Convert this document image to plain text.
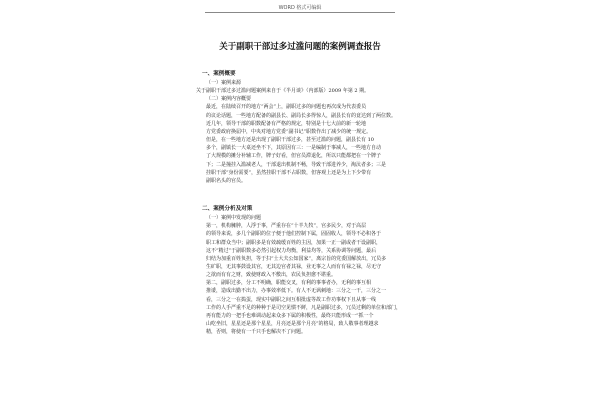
WORD 格式可编辑
关于副职干部过多过滥问题的案例调查报告
一、案例概要
（一）案例来源
关于副职干部过多过滥问题案例来自于《半月谈》（内部版）2009 年第 2 期。
（二）案例内容概要
最近，在陆续召开的地方“两会”上，副职过多的问题也再次成为代表委员
的议论话题，一些地方配备的副县长、副局长多得惊人，副县长有的竟达到了两位数。
近几年，领导干部的职数配备有严格的规定，特别是十七大前的新一轮地
方党委政府换届中，中央对地方党委“副书记”职数作出了减少的统一规定。
但是，在一些地方还是出现了副职干部过多，甚至过滥的问题，副县长有 10
多个，副镇长一大桌还坐不下，其原因有三：一是编制于事减人，一些地方自动
了大规模的摊分补辅工作，牌子好看，但官员滞退化，所以只能都把在一个牌子
下；二是撞挂入滥减老人，干部退出机制不畅，导致干部进养少，淘汰者多；三是
挂职干部“身份需要”，虽然挂职干部不占职数，但客观上还是为上下少带有
副职名头的官员。
二、案例分析及对策
（一）案例中发现的问题
第一，机构臃肿，人浮于事，严重存在“十羊九牧”，官多民少，对于高层
的领导来说，多几个副职的位子便于他们控制下属，固固收人，领导不必积各于
职工和群众当中；副职多是有效疏缓百姓的主因，加果一正一副或者干设副职，
这不“精过”于副职数多必然引起权力均衡，利益均等，关系协调等问题，最后
归结为加重百姓负担，等于扫“士大夫公知国家”，离宗旨的党委国解放出，冗员多
生矿职，无其事鼓设其官，无其边官者其禄，业无事之人而有有禄之禄，尽无守
之欲而有有之财，致使财政入不敷出，农民负担愈不堪重。
第二，副职过多，分工不明确，职能交叉，有利的事事者办，无利的事互相
推诿，造成出勤不出力，办事效率低下。有人不无讽刺地：三分之一干，三分之一
看，三分之一在捣蛋，现实中副职之间互相批虚等故工作功事权下且从事一线
工作的人手严重不足的种种于是司空见惯不鲜，凡是副职过多，冗员过剩的单位和部门，
再有能力的一把手也难调动起来众多下属的积极性，最终只能形成一“抓一个
山吃坐旧，星星还是那个星星，月亮还是那个月亮”的格局，致人敬事者理越求
精，否则，将使有一千只手也解决不了问题。
